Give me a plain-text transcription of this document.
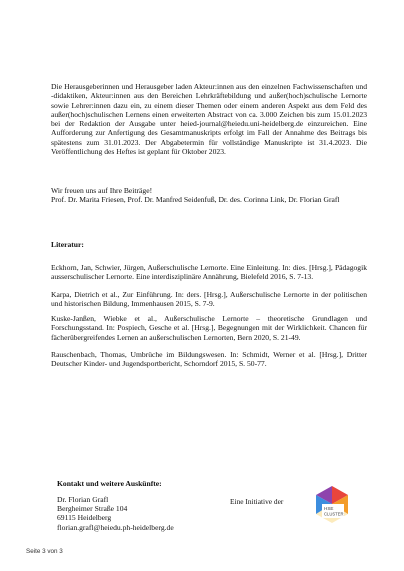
Die Herausgeberinnen und Herausgeber laden Akteur:innen aus den einzelnen Fachwissenschaften und -didaktiken, Akteur:innen aus den Bereichen Lehrkräftebildung und außer(hoch)schulische Lernorte sowie Lehrer:innen dazu ein, zu einem dieser Themen oder einem anderen Aspekt aus dem Feld des außer(hoch)schulischen Lernens einen erweiterten Abstract von ca. 3.000 Zeichen bis zum 15.01.2023 bei der Redaktion der Ausgabe unter heied-journal@heiedu.uni-heidelberg.de einzureichen. Eine Aufforderung zur Anfertigung des Gesamtmanuskripts erfolgt im Fall der Annahme des Beitrags bis spätestens zum 31.01.2023. Der Abgabetermin für vollständige Manuskripte ist 31.4.2023. Die Veröffentlichung des Heftes ist geplant für Oktober 2023.

Wir freuen uns auf Ihre Beiträge!

Prof. Dr. Marita Friesen, Prof. Dr. Manfred Seidenfuß, Dr. des. Corinna Link, Dr. Florian Grafl

Literatur:

Eckhorn, Jan, Schwier, Jürgen, Außerschulische Lernorte. Eine Einleitung. In: dies. [Hrsg.], Pädagogik ausserschulischer Lernorte. Eine interdisziplinäre Annährung, Bielefeld 2016, S. 7-13.

Karpa, Dietrich et al., Zur Einführung. In: ders. [Hrsg.], Außerschulische Lernorte in der politischen und historischen Bildung, Immenhausen 2015, S. 7-9.

Kuske-Janßen, Wiebke et al., Außerschulische Lernorte – theoretische Grundlagen und Forschungsstand. In: Pospiech, Gesche et al. [Hrsg.], Begegnungen mit der Wirklichkeit. Chancen für fächerübergreifendes Lernen an außerschulischen Lernorten, Bern 2020, S. 21-49.

Rauschenbach, Thomas, Umbrüche im Bildungswesen. In: Schmidt, Werner et al. [Hrsg.], Dritter Deutscher Kinder- und Jugendsportbericht, Schorndorf 2015, S. 50-77.

Kontakt und weitere Auskünfte:
Dr. Florian Grafl
Bergheimer Straße 104
69115 Heidelberg
florian.grafl@heiedu.ph-heidelberg.de
Eine Initiative der
HSE
CLUSTER
Seite 3 von 3
